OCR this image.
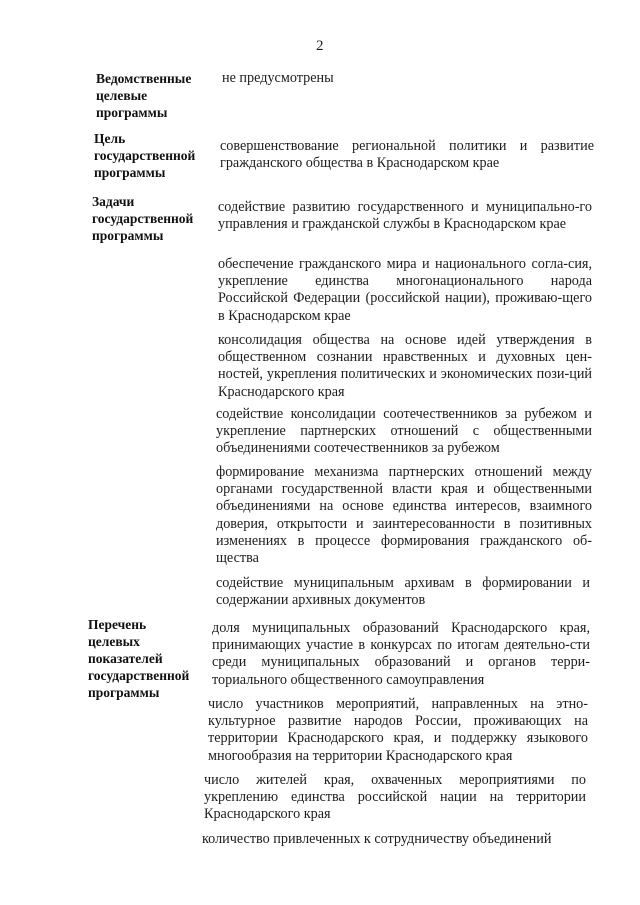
2
Ведомственные
целевые
программы
не предусмотрены
Цель
государственной
программы
совершенствование региональной политики и развитие гражданского общества в Краснодарском крае
Задачи
государственной
программы
содействие развитию государственного и муниципально-го управления и гражданской службы в Краснодарском крае
обеспечение гражданского мира и национального согла-сия, укрепление единства многонационального народа Российской Федерации (российской нации), проживаю-щего в Краснодарском крае
консолидация общества на основе идей утверждения в общественном сознании нравственных и духовных цен-ностей, укрепления политических и экономических пози-ций Краснодарского края
содействие консолидации соотечественников за рубежом и укрепление партнерских отношений с общественными объединениями соотечественников за рубежом
формирование механизма партнерских отношений между органами государственной власти края и общественными объединениями на основе единства интересов, взаимного доверия, открытости и заинтересованности в позитивных изменениях в процессе формирования гражданского об-щества
содействие муниципальным архивам в формировании и содержании архивных документов
Перечень
целевых
показателей
государственной
программы
доля муниципальных образований Краснодарского края, принимающих участие в конкурсах по итогам деятельно-сти среди муниципальных образований и органов терри-ториального общественного самоуправления
число участников мероприятий, направленных на этно-культурное развитие народов России, проживающих на территории Краснодарского края, и поддержку языкового многообразия на территории Краснодарского края
число жителей края, охваченных мероприятиями по укреплению единства российской нации на территории Краснодарского края
количество привлеченных к сотрудничеству объединений
